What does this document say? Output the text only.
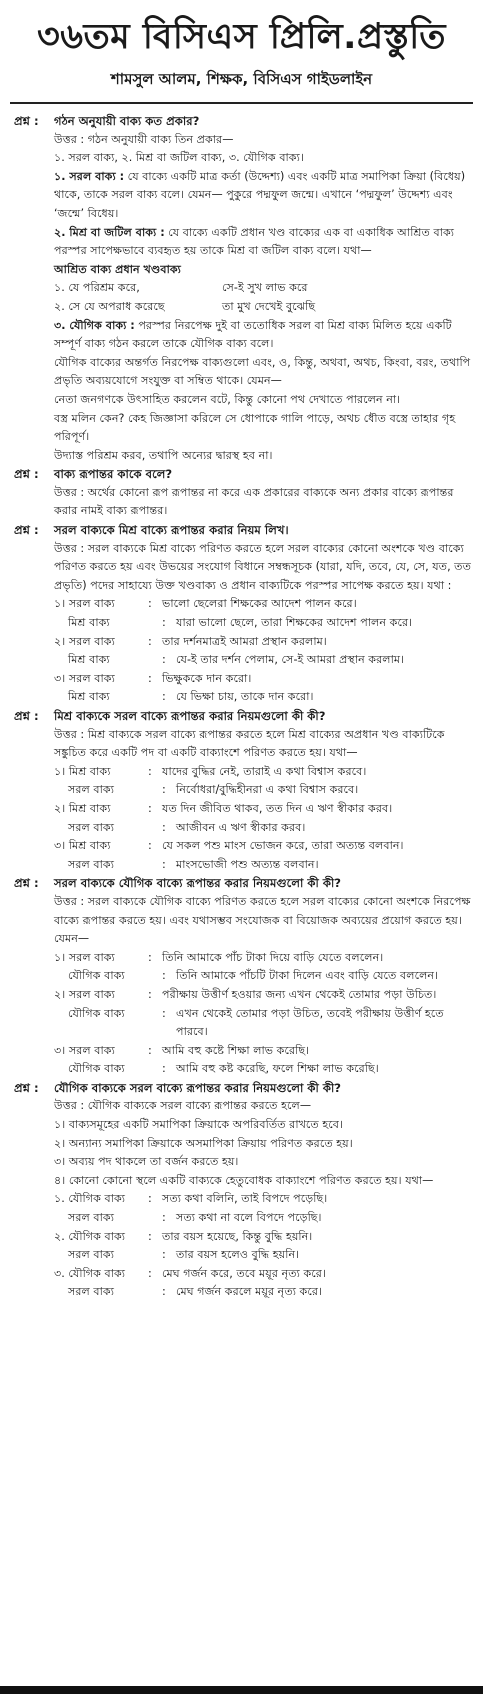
৩৬তম বিসিএস প্রিলি.প্রস্তুতি
শামসুল আলম, শিক্ষক, বিসিএস গাইডলাইন
প্রশ্ন :	গঠন অনুযায়ী বাক্য কত প্রকার?
উত্তর : গঠন অনুযায়ী বাক্য তিন প্রকার—
১. সরল বাক্য, ২. মিশ্র বা জটিল বাক্য, ৩. যৌগিক বাক্য।
১. সরল বাক্য : যে বাক্যে একটি মাত্র কর্তা (উদ্দেশ্য) এবং একটি মাত্র সমাপিকা ক্রিয়া (বিধেয়) থাকে, তাকে সরল বাক্য বলে। যেমন— পুকুরে পদ্মফুল জন্মে। এখানে ‘পদ্মফুল’ উদ্দেশ্য এবং ‘জন্মে’ বিধেয়।
২. মিশ্র বা জটিল বাক্য : যে বাক্যে একটি প্রধান খণ্ড বাক্যের এক বা একাধিক আশ্রিত বাক্য পরস্পর সাপেক্ষভাবে ব্যবহৃত হয় তাকে মিশ্র বা জটিল বাক্য বলে। যথা—
আশ্রিত বাক্য প্রধান খণ্ডবাক্য
১. যে পরিশ্রম করে,	সে-ই সুখ লাভ করে
২. সে যে অপরাধ করেছে	তা মুখ দেখেই বুঝেছি
৩. যৌগিক বাক্য : পরস্পর নিরপেক্ষ দুই বা ততোধিক সরল বা মিশ্র বাক্য মিলিত হয়ে একটি সম্পূর্ণ বাক্য গঠন করলে তাকে যৌগিক বাক্য বলে।
যৌগিক বাক্যের অন্তর্গত নিরপেক্ষ বাক্যগুলো এবং, ও, কিন্তু, অথবা, অথচ, কিংবা, বরং, তথাপি প্রভৃতি অব্যয়যোগে সংযুক্ত বা সম্বিত থাকে। যেমন—
নেতা জনগণকে উৎসাহিত করলেন বটে, কিন্তু কোনো পথ দেখাতে পারলেন না।
বস্ত্র মলিন কেন? কেহ জিজ্ঞাসা করিলে সে ধোপাকে গালি পাড়ে, অথচ ধৌত বস্ত্রে তাহার গৃহ পরিপূর্ণ।
উদ্যাস্ত পরিশ্রম করব, তথাপি অন্যের দ্বারস্থ হব না।
প্রশ্ন :	বাক্য রূপান্তর কাকে বলে?
উত্তর : অর্থের কোনো রূপ রূপান্তর না করে এক প্রকারের বাক্যকে অন্য প্রকার বাক্যে রূপান্তর করার নামই বাক্য রূপান্তর।
প্রশ্ন :	সরল বাক্যকে মিশ্র বাক্যে রূপান্তর করার নিয়ম লিখ।
উত্তর : সরল বাক্যকে মিশ্র বাক্যে পরিণত করতে হলে সরল বাক্যের কোনো অংশকে খণ্ড বাক্যে পরিণত করতে হয় এবং উভয়ের সংযোগ বিধানে সম্বন্ধসূচক (যারা, যদি, তবে, যে, সে, যত, তত প্রভৃতি) পদের সাহায্যে উক্ত খণ্ডবাক্য ও প্রধান বাক্যটিকে পরস্পর সাপেক্ষ করতে হয়। যথা :
১। সরল বাক্য	: ভালো ছেলেরা শিক্ষকের আদেশ পালন করে।
মিশ্র বাক্য	: যারা ভালো ছেলে, তারা শিক্ষকের আদেশ পালন করে।
২। সরল বাক্য	: তার দর্শনমাত্রই আমরা প্রস্থান করলাম।
মিশ্র বাক্য	: যে-ই তার দর্শন পেলাম, সে-ই আমরা প্রস্থান করলাম।
৩। সরল বাক্য	: ভিক্ষুককে দান করো।
মিশ্র বাক্য	: যে ভিক্ষা চায়, তাকে দান করো।
প্রশ্ন :	মিশ্র বাক্যকে সরল বাক্যে রূপান্তর করার নিয়মগুলো কী কী?
উত্তর : মিশ্র বাক্যকে সরল বাক্যে রূপান্তর করতে হলে মিশ্র বাক্যের অপ্রধান খণ্ড বাক্যটিকে সঙ্কুচিত করে একটি পদ বা একটি বাক্যাংশে পরিণত করতে হয়। যথা—
১। মিশ্র বাক্য	: যাদের বুদ্ধির নেই, তারাই এ কথা বিশ্বাস করবে।
সরল বাক্য	: নির্বোধরা/বুদ্ধিহীনরা এ কথা বিশ্বাস করবে।
২। মিশ্র বাক্য	: যত দিন জীবিত থাকব, তত দিন এ ঋণ স্বীকার করব।
সরল বাক্য	: আজীবন এ ঋণ স্বীকার করব।
৩। মিশ্র বাক্য	: যে সকল পশু মাংস ভোজন করে, তারা অত্যন্ত বলবান।
সরল বাক্য	: মাংসভোজী পশু অত্যন্ত বলবান।
প্রশ্ন :	সরল বাক্যকে যৌগিক বাক্যে রূপান্তর করার নিয়মগুলো কী কী?
উত্তর : সরল বাক্যকে যৌগিক বাক্যে পরিণত করতে হলে সরল বাক্যের কোনো অংশকে নিরপেক্ষ বাক্যে রূপান্তর করতে হয়। এবং যথাসম্ভব সংযোজক বা বিয়োজক অব্যয়ের প্রয়োগ করতে হয়। যেমন—
১। সরল বাক্য	: তিনি আমাকে পাঁচ টাকা দিয়ে বাড়ি যেতে বললেন।
যৌগিক বাক্য	: তিনি আমাকে পাঁচটি টাকা দিলেন এবং বাড়ি যেতে বললেন।
২। সরল বাক্য	: পরীক্ষায় উত্তীর্ণ হওয়ার জন্য এখন থেকেই তোমার পড়া উচিত।
যৌগিক বাক্য	: এখন থেকেই তোমার পড়া উচিত, তবেই পরীক্ষায় উত্তীর্ণ হতে পারবে।
৩। সরল বাক্য	: আমি বহু কষ্টে শিক্ষা লাভ করেছি।
যৌগিক বাক্য	: আমি বহু কষ্ট করেছি, ফলে শিক্ষা লাভ করেছি।
প্রশ্ন :	যৌগিক বাক্যকে সরল বাক্যে রূপান্তর করার নিয়মগুলো কী কী?
উত্তর : যৌগিক বাক্যকে সরল বাক্যে রূপান্তর করতে হলে—
১। বাক্যসমূহের একটি সমাপিকা ক্রিয়াকে অপরিবর্তিত রাখতে হবে।
২। অন্যান্য সমাপিকা ক্রিয়াকে অসমাপিকা ক্রিয়ায় পরিণত করতে হয়।
৩। অব্যয় পদ থাকলে তা বর্জন করতে হয়।
৪। কোনো কোনো স্থলে একটি বাক্যকে হেতুবোধক বাক্যাংশে পরিণত করতে হয়। যথা—
১. যৌগিক বাক্য	: সত্য কথা বলিনি, তাই বিপদে পড়েছি।
সরল বাক্য	: সত্য কথা না বলে বিপদে পড়েছি।
২. যৌগিক বাক্য	: তার বয়স হয়েছে, কিন্তু বুদ্ধি হয়নি।
সরল বাক্য	: তার বয়স হলেও বুদ্ধি হয়নি।
৩. যৌগিক বাক্য	: মেঘ গর্জন করে, তবে ময়ূর নৃত্য করে।
সরল বাক্য	: মেঘ গর্জন করলে ময়ূর নৃত্য করে।
